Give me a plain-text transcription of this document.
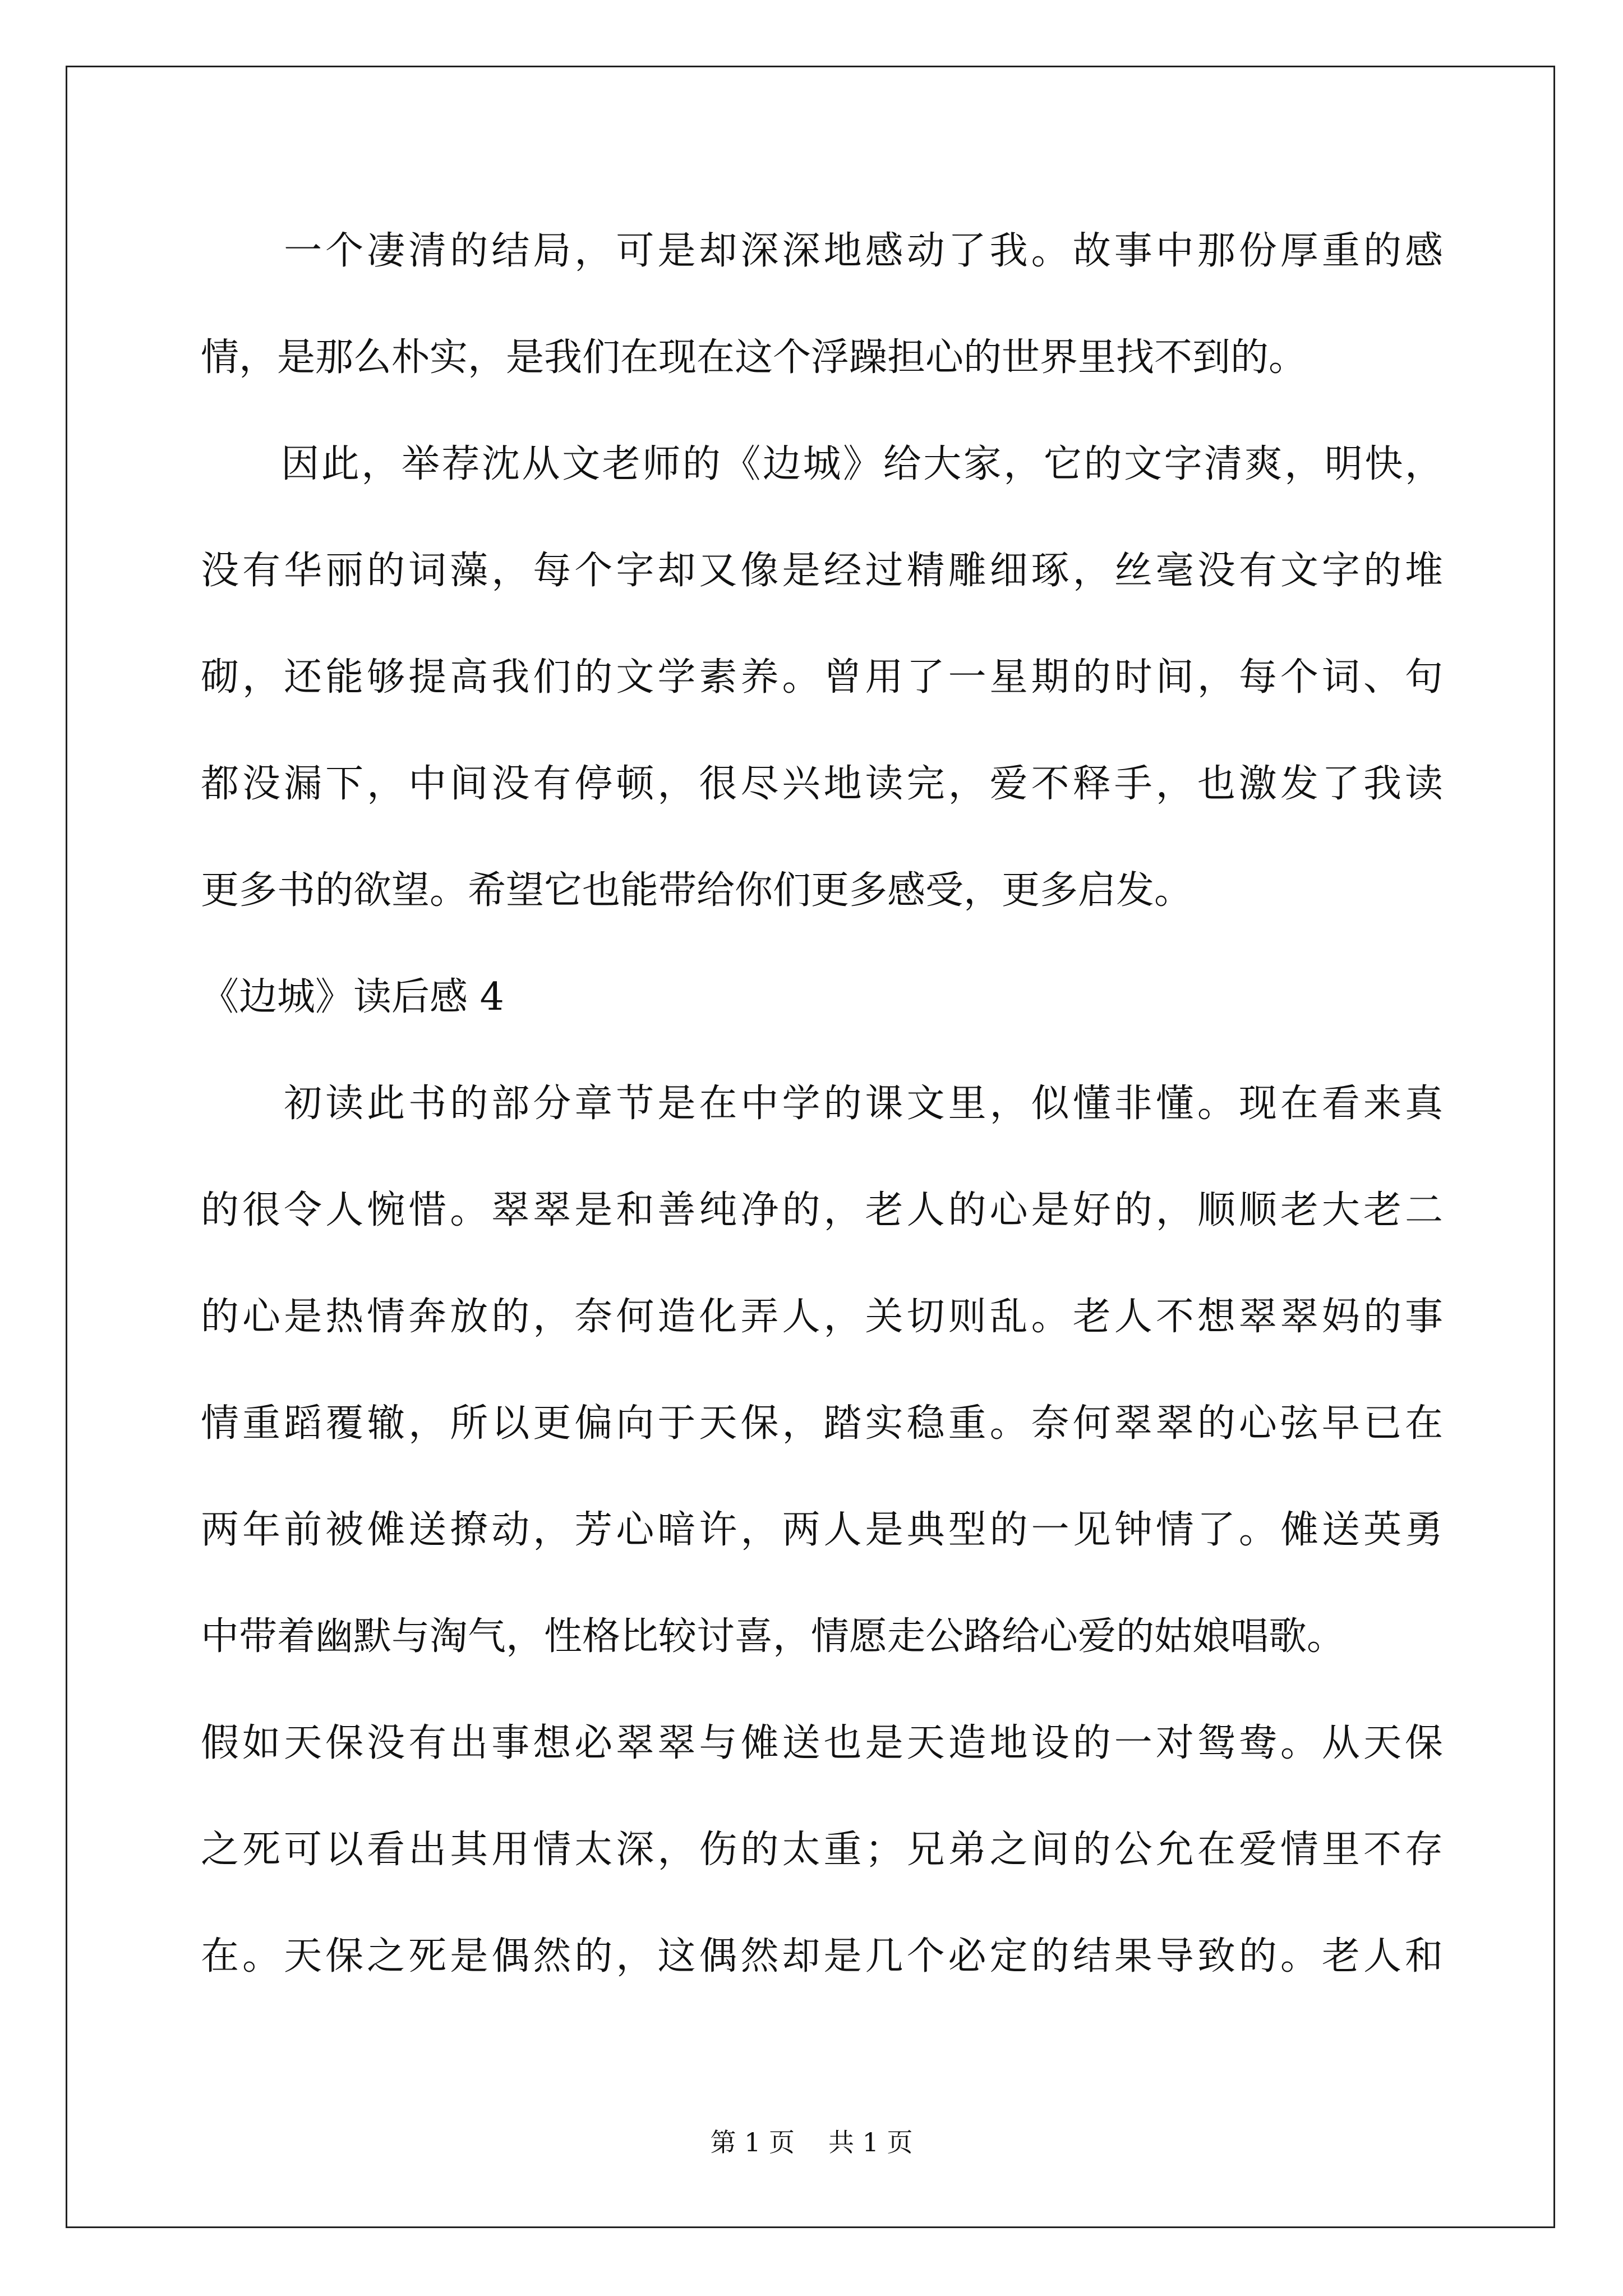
　　一个凄清的结局，可是却深深地感动了我。故事中那份厚重的感
情，是那么朴实，是我们在现在这个浮躁担心的世界里找不到的。
　　因此，举荐沈从文老师的《边城》给大家，它的文字清爽，明快，
没有华丽的词藻，每个字却又像是经过精雕细琢，丝毫没有文字的堆
砌，还能够提高我们的文学素养。曾用了一星期的时间，每个词、句
都没漏下，中间没有停顿，很尽兴地读完，爱不释手，也激发了我读
更多书的欲望。希望它也能带给你们更多感受，更多启发。
《边城》读后感 4
　　初读此书的部分章节是在中学的课文里，似懂非懂。现在看来真
的很令人惋惜。翠翠是和善纯净的，老人的心是好的，顺顺老大老二
的心是热情奔放的，奈何造化弄人，关切则乱。老人不想翠翠妈的事
情重蹈覆辙，所以更偏向于天保，踏实稳重。奈何翠翠的心弦早已在
两年前被傩送撩动，芳心暗许，两人是典型的一见钟情了。傩送英勇
中带着幽默与淘气，性格比较讨喜，情愿走公路给心爱的姑娘唱歌。
假如天保没有出事想必翠翠与傩送也是天造地设的一对鸳鸯。从天保
之死可以看出其用情太深，伤的太重；兄弟之间的公允在爱情里不存
在。天保之死是偶然的，这偶然却是几个必定的结果导致的。老人和
第 1 页 共 1 页
